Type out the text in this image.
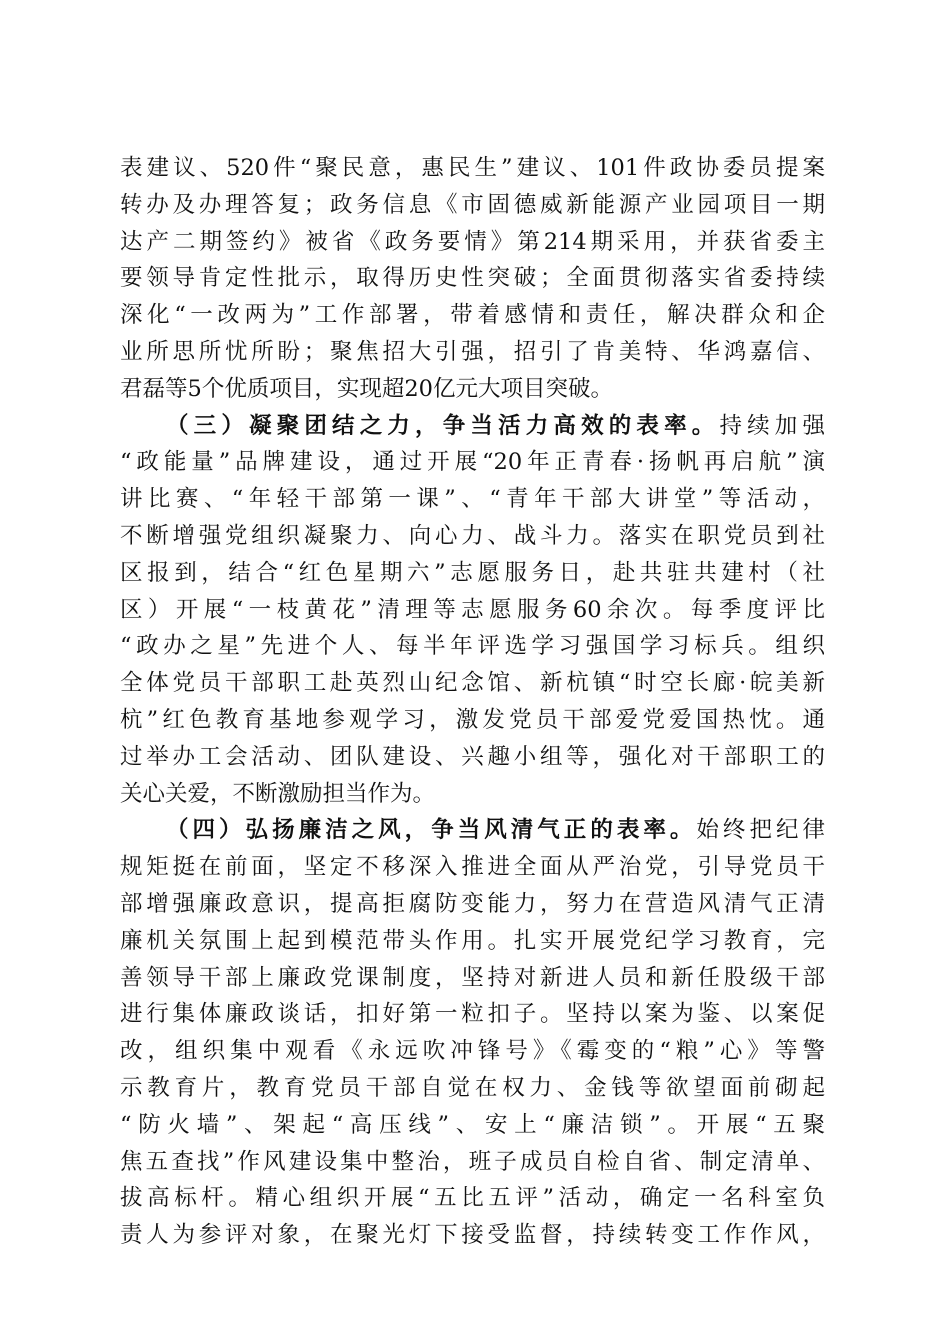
表建议、520件“聚民意，惠民生”建议、101件政协委员提案
转办及办理答复；政务信息《市固德威新能源产业园项目一期
达产二期签约》被省《政务要情》第214期采用，并获省委主
要领导肯定性批示，取得历史性突破；全面贯彻落实省委持续
深化“一改两为”工作部署，带着感情和责任，解决群众和企
业所思所忧所盼；聚焦招大引强，招引了肯美特、华鸿嘉信、
君磊等5个优质项目，实现超20亿元大项目突破。
（三）凝聚团结之力，争当活力高效的表率。持续加强
“政能量”品牌建设，通过开展“20年正青春·扬帆再启航”演
讲比赛、“年轻干部第一课”、“青年干部大讲堂”等活动，
不断增强党组织凝聚力、向心力、战斗力。落实在职党员到社
区报到，结合“红色星期六”志愿服务日，赴共驻共建村（社
区）开展“一枝黄花”清理等志愿服务60余次。每季度评比
“政办之星”先进个人、每半年评选学习强国学习标兵。组织
全体党员干部职工赴英烈山纪念馆、新杭镇“时空长廊·皖美新
杭”红色教育基地参观学习，激发党员干部爱党爱国热忱。通
过举办工会活动、团队建设、兴趣小组等，强化对干部职工的
关心关爱，不断激励担当作为。
（四）弘扬廉洁之风，争当风清气正的表率。始终把纪律
规矩挺在前面，坚定不移深入推进全面从严治党，引导党员干
部增强廉政意识，提高拒腐防变能力，努力在营造风清气正清
廉机关氛围上起到模范带头作用。扎实开展党纪学习教育，完
善领导干部上廉政党课制度，坚持对新进人员和新任股级干部
进行集体廉政谈话，扣好第一粒扣子。坚持以案为鉴、以案促
改，组织集中观看《永远吹冲锋号》《霉变的“粮”心》等警
示教育片，教育党员干部自觉在权力、金钱等欲望面前砌起
“防火墙”、架起“高压线”、安上“廉洁锁”。开展“五聚
焦五查找”作风建设集中整治，班子成员自检自省、制定清单、
拔高标杆。精心组织开展“五比五评”活动，确定一名科室负
责人为参评对象，在聚光灯下接受监督，持续转变工作作风，
